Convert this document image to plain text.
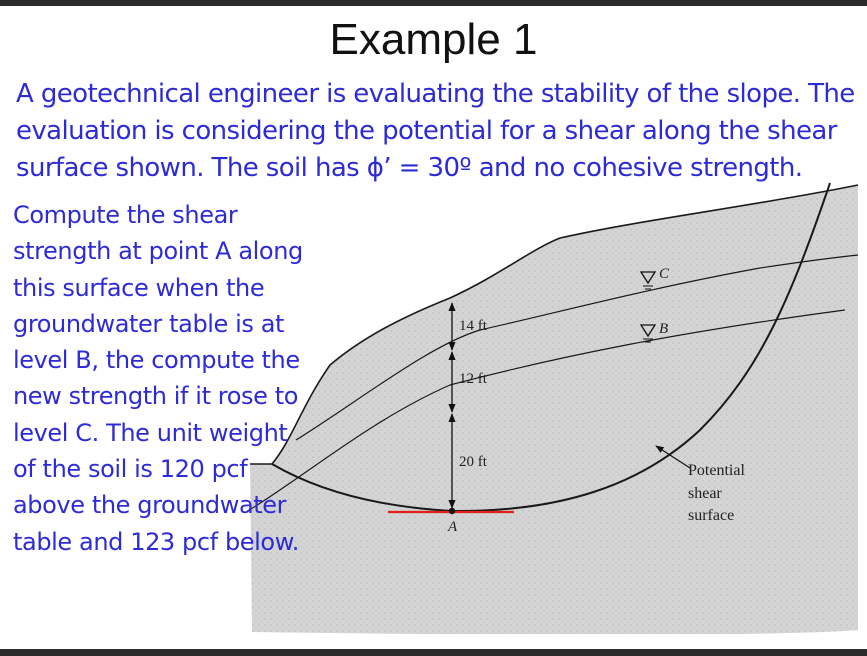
Example 1

A geotechnical engineer is evaluating the stability of the slope. The evaluation is considering the potential for a shear along the shear surface shown. The soil has ϕ’ = 30º and no cohesive strength.

14 ft
12 ft
20 ft
C
B
A
Potential
shear
surface

Compute the shear strength at point A along this surface when the groundwater table is at level B, the compute the new strength if it rose to level C. The unit weight of the soil is 120 pcf above the groundwater table and 123 pcf below.
